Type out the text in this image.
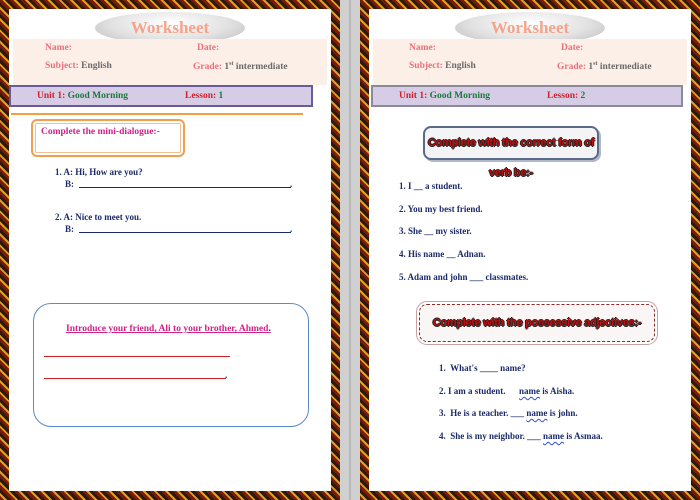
Worksheet
Name:	Date:
Subject: English	Grade: 1st intermediate
Unit 1: Good Morning	Lesson: 1
Complete the mini-dialogue:-
1. A: Hi, How are you?
B:	.
2. A: Nice to meet you.
B:	.
Introduce your friend, Ali to your brother, Ahmed.
.
Worksheet
Name:	Date:
Subject: English	Grade: 1st intermediate
Unit 1: Good Morning	Lesson: 2
Complete with the correct form of verb be:-
1. I __ a student.
2. You my best friend.
3. She __ my sister.
4. His name __ Adnan.
5. Adam and john ___ classmates.
Complete with the possessive adjectives:-
1.  What's ____ name?
2. I am a student.      name is Aisha.
3.  He is a teacher. ___ name is john.
4.  She is my neighbor. ___ name is Asmaa.
